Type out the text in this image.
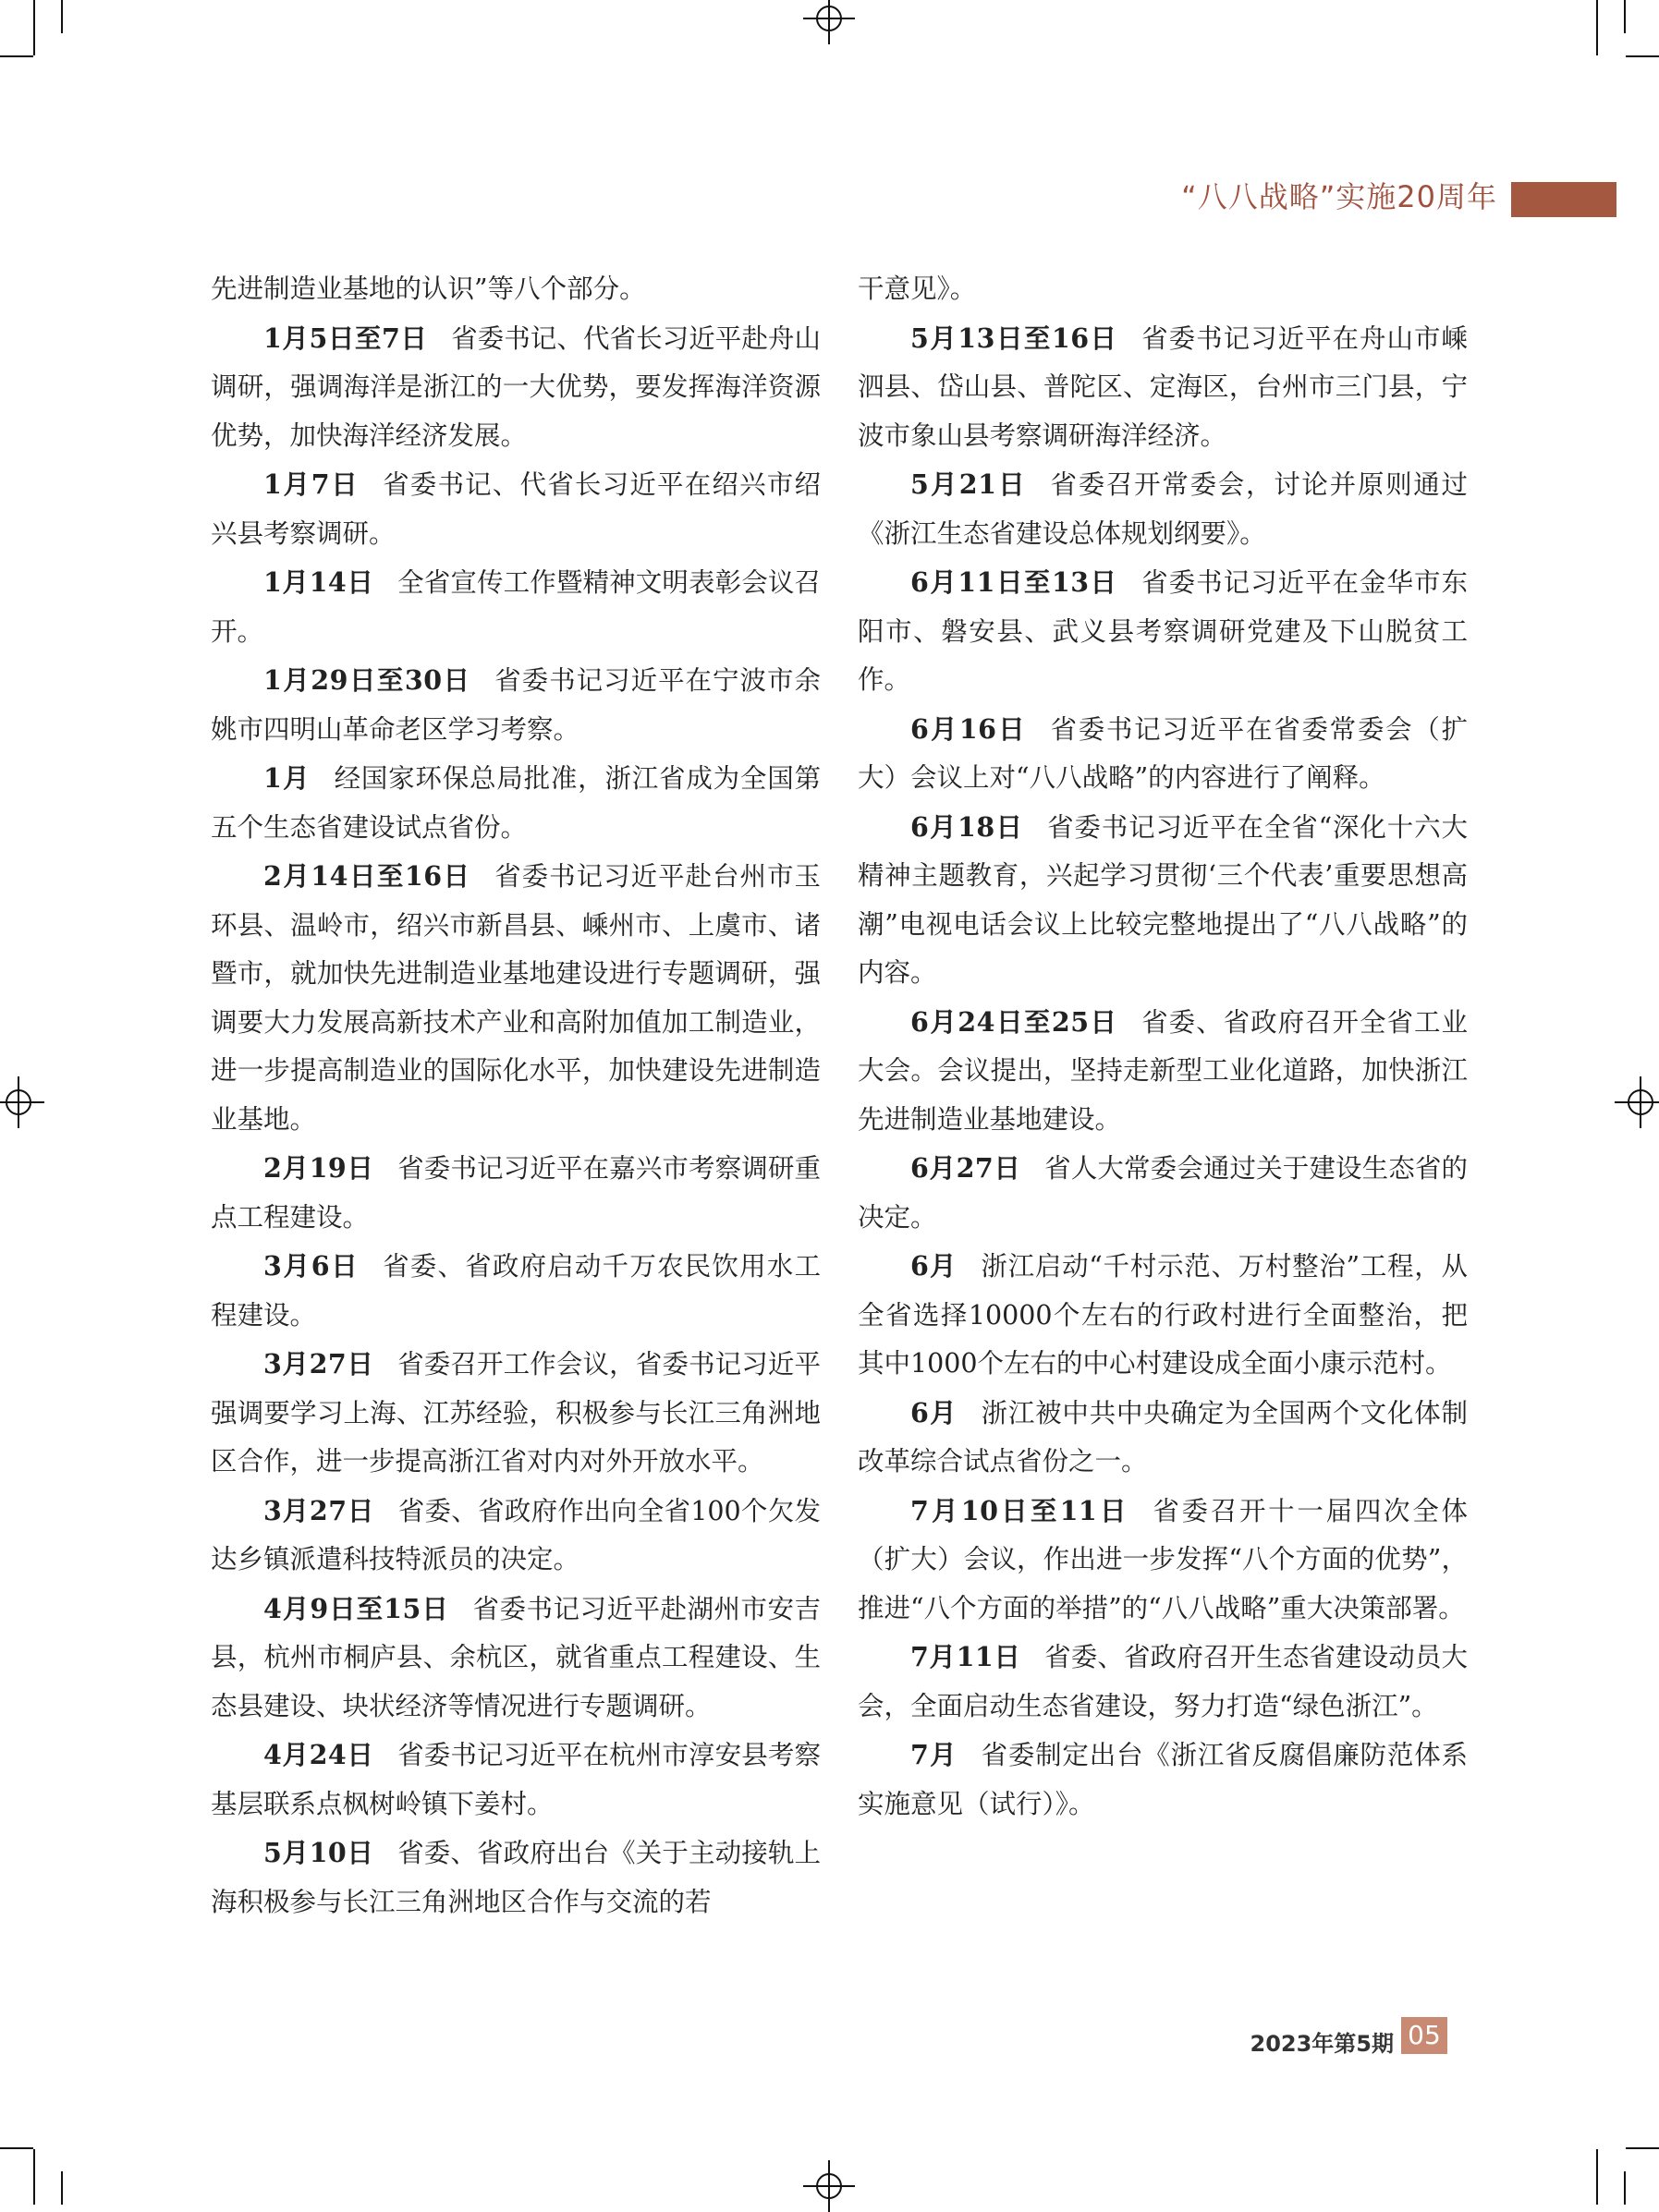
“八八战略”实施20周年

先进制造业基地的认识”等八个部分。

1月5日至7日 省委书记、代省长习近平赴舟山调研，强调海洋是浙江的一大优势，要发挥海洋资源优势，加快海洋经济发展。

1月7日 省委书记、代省长习近平在绍兴市绍兴县考察调研。

1月14日 全省宣传工作暨精神文明表彰会议召开。

1月29日至30日 省委书记习近平在宁波市余姚市四明山革命老区学习考察。

1月 经国家环保总局批准，浙江省成为全国第五个生态省建设试点省份。

2月14日至16日 省委书记习近平赴台州市玉环县、温岭市，绍兴市新昌县、嵊州市、上虞市、诸暨市，就加快先进制造业基地建设进行专题调研，强调要大力发展高新技术产业和高附加值加工制造业，进一步提高制造业的国际化水平，加快建设先进制造业基地。

2月19日 省委书记习近平在嘉兴市考察调研重点工程建设。

3月6日 省委、省政府启动千万农民饮用水工程建设。

3月27日 省委召开工作会议，省委书记习近平强调要学习上海、江苏经验，积极参与长江三角洲地区合作，进一步提高浙江省对内对外开放水平。

3月27日 省委、省政府作出向全省100个欠发达乡镇派遣科技特派员的决定。

4月9日至15日 省委书记习近平赴湖州市安吉县，杭州市桐庐县、余杭区，就省重点工程建设、生态县建设、块状经济等情况进行专题调研。

4月24日 省委书记习近平在杭州市淳安县考察基层联系点枫树岭镇下姜村。

5月10日 省委、省政府出台《关于主动接轨上海积极参与长江三角洲地区合作与交流的若

干意见》。

5月13日至16日 省委书记习近平在舟山市嵊泗县、岱山县、普陀区、定海区，台州市三门县，宁波市象山县考察调研海洋经济。

5月21日 省委召开常委会，讨论并原则通过《浙江生态省建设总体规划纲要》。

6月11日至13日 省委书记习近平在金华市东阳市、磐安县、武义县考察调研党建及下山脱贫工作。

6月16日 省委书记习近平在省委常委会（扩大）会议上对“八八战略”的内容进行了阐释。

6月18日 省委书记习近平在全省“深化十六大精神主题教育，兴起学习贯彻‘三个代表’重要思想高潮”电视电话会议上比较完整地提出了“八八战略”的内容。

6月24日至25日 省委、省政府召开全省工业大会。会议提出，坚持走新型工业化道路，加快浙江先进制造业基地建设。

6月27日 省人大常委会通过关于建设生态省的决定。

6月 浙江启动“千村示范、万村整治”工程，从全省选择10000个左右的行政村进行全面整治，把其中1000个左右的中心村建设成全面小康示范村。

6月 浙江被中共中央确定为全国两个文化体制改革综合试点省份之一。

7月10日至11日 省委召开十一届四次全体（扩大）会议，作出进一步发挥“八个方面的优势”，推进“八个方面的举措”的“八八战略”重大决策部署。

7月11日 省委、省政府召开生态省建设动员大会，全面启动生态省建设，努力打造“绿色浙江”。

7月 省委制定出台《浙江省反腐倡廉防范体系实施意见（试行）》。

2023年第5期 05
